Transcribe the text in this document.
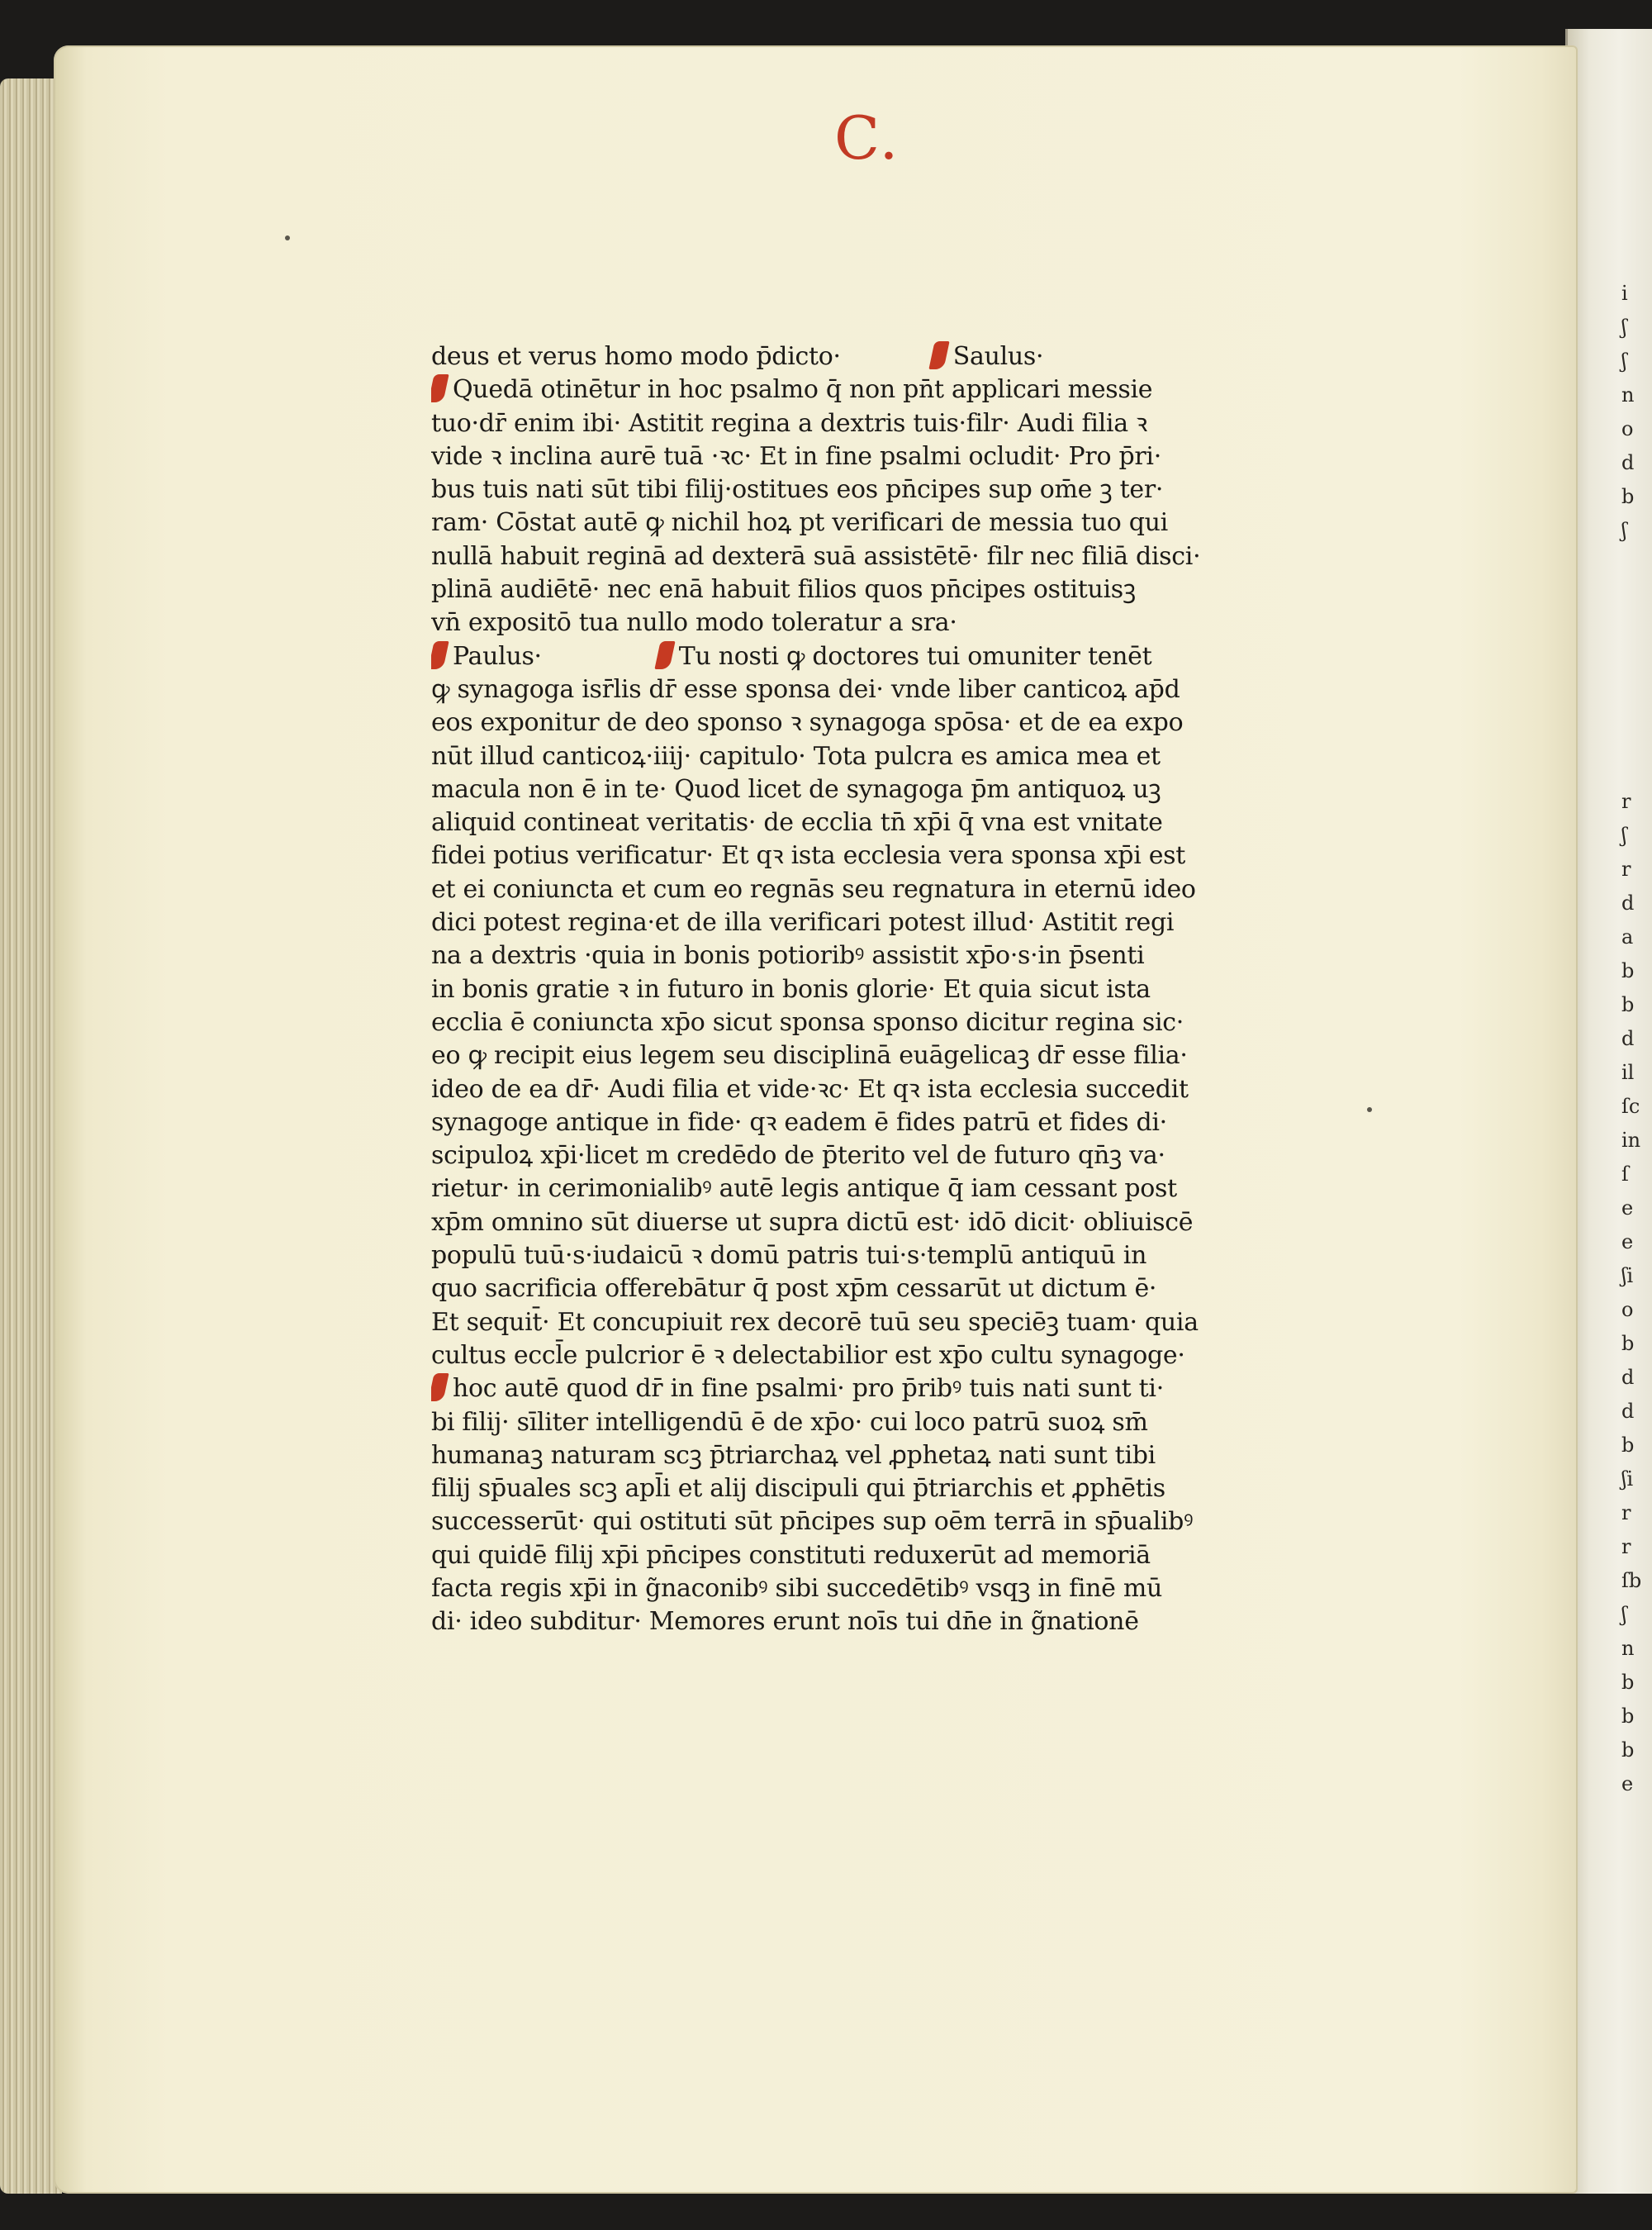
i
ʃ
ʃ
n
o
d
b
ʃ
r
ʃ
r
d
a
b
b
d
il
ſc
in
ſ
e
e
ʃi
o
b
d
d
b
ʃi
r
r
ſb
ʃ
n
b
b
b
e
C.
deus et verus homo modo p̄dicto·	Saulus·
Quedā otinētur in hoc psalmo q̄ non pn̄t applicari messie
tuo·dr̄ enim ibi· Astitit regina a dextris tuis·filr· Audi filia ꝛ
vide ꝛ inclina aurē tuā ·ꝛc· Et in fine psalmi ocludit· Pro p̄ri·
bus tuis nati sūt tibi filij·ostitues eos pn̄cipes sup om̄e ꝫ ter·
ram· Cōstat autē ꝙ nichil hoꝝ pt verificari de messia tuo qui
nullā habuit reginā ad dexterā suā assistētē· filr nec filiā disci·
plinā audiētē· nec enā habuit filios quos pn̄cipes ostituisꝫ
vn̄ expositō tua nullo modo toleratur a sra·
Paulus·	Tu nosti ꝙ doctores tui omuniter tenēt
ꝙ synagoga isr̄lis dr̄ esse sponsa dei· vnde liber canticoꝝ ap̄d
eos exponitur de deo sponso ꝛ synagoga spōsa· et de ea expo
nūt illud canticoꝝ·iiij· capitulo· Tota pulcra es amica mea et
macula non ē in te· Quod licet de synagoga p̄m antiquoꝝ uꝫ
aliquid contineat veritatis· de ecclia tn̄ xp̄i q̄ vna est vnitate
fidei potius verificatur· Et qꝛ ista ecclesia vera sponsa xp̄i est
et ei coniuncta et cum eo regnās seu regnatura in eternū ideo
dici potest regina·et de illa verificari potest illud· Astitit regi
na a dextris ·quia in bonis potioribꝰ assistit xp̄o·s·in p̄senti
in bonis gratie ꝛ in futuro in bonis glorie· Et quia sicut ista
ecclia ē coniuncta xp̄o sicut sponsa sponso dicitur regina sic·
eo ꝙ recipit eius legem seu disciplinā euāgelicaꝫ dr̄ esse filia·
ideo de ea dr̄· Audi filia et vide·ꝛc· Et qꝛ ista ecclesia succedit
synagoge antique in fide· qꝛ eadem ē fides patrū et fides di·
scipuloꝝ xp̄i·licet m credēdo de p̄terito vel de futuro qn̄ꝫ va·
rietur· in cerimonialibꝰ autē legis antique q̄ iam cessant post
xp̄m omnino sūt diuerse ut supra dictū est· idō dicit· obliuiscē
populū tuū·s·iudaicū ꝛ domū patris tui·s·templū antiquū in
quo sacrificia offerebātur q̄ post xp̄m cessarūt ut dictum ē·
Et sequit̄· Et concupiuit rex decorē tuū seu speciēꝫ tuam· quia
cultus eccl̄e pulcrior ē ꝛ delectabilior est xp̄o cultu synagoge·
hoc autē quod dr̄ in fine psalmi· pro p̄ribꝰ tuis nati sunt ti·
bi filij· sīliter intelligendū ē de xp̄o· cui loco patrū suoꝝ sm̄
humanaꝫ naturam scꝫ p̄triarchaꝝ vel ꝓphetaꝝ nati sunt tibi
filij sp̄uales scꝫ apl̄i et alij discipuli qui p̄triarchis et ꝓphētis
successerūt· qui ostituti sūt pn̄cipes sup oēm terrā in sp̄ualibꝰ
qui quidē filij xp̄i pn̄cipes constituti reduxerūt ad memoriā
facta regis xp̄i in g̃naconibꝰ sibi succedētibꝰ vsqꝫ in finē mū
di· ideo subditur· Memores erunt noīs tui dn̄e in g̃nationē
